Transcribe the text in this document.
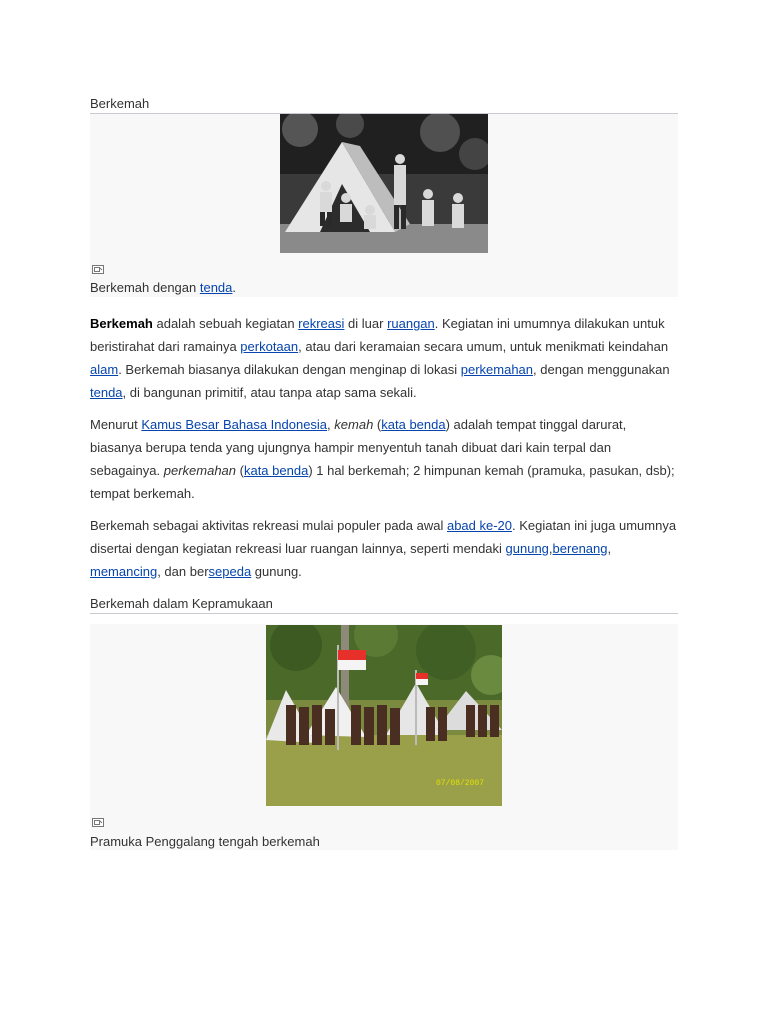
Berkemah
Berkemah dengan tenda.

Berkemah adalah sebuah kegiatan rekreasi di luar ruangan. Kegiatan ini umumnya dilakukan untuk beristirahat dari ramainya perkotaan, atau dari keramaian secara umum, untuk menikmati keindahan alam. Berkemah biasanya dilakukan dengan menginap di lokasi perkemahan, dengan menggunakan tenda, di bangunan primitif, atau tanpa atap sama sekali.

Menurut Kamus Besar Bahasa Indonesia, kemah (kata benda) adalah tempat tinggal darurat, biasanya berupa tenda yang ujungnya hampir menyentuh tanah dibuat dari kain terpal dan sebagainya. perkemahan (kata benda) 1 hal berkemah; 2 himpunan kemah (pramuka, pasukan, dsb); tempat berkemah.

Berkemah sebagai aktivitas rekreasi mulai populer pada awal abad ke-20. Kegiatan ini juga umumnya disertai dengan kegiatan rekreasi luar ruangan lainnya, seperti mendaki gunung,berenang, memancing, dan bersepeda gunung.

Berkemah dalam Kepramukaan
07/08/2007
Pramuka Penggalang tengah berkemah
